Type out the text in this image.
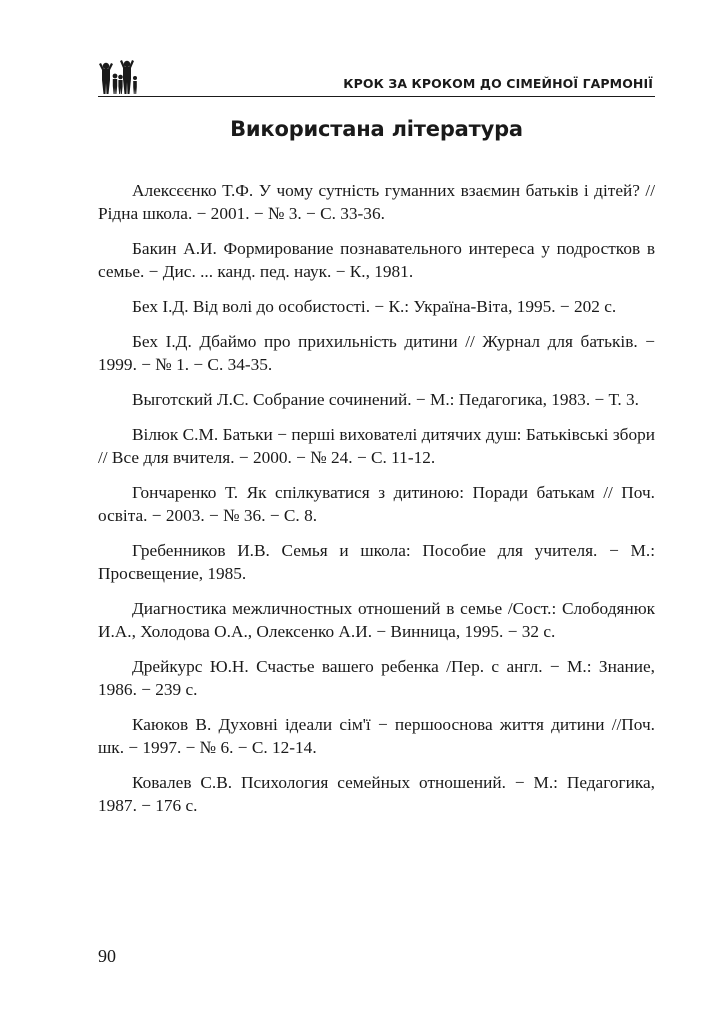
КРОК ЗА КРОКОМ ДО СІМЕЙНОЇ ГАРМОНІЇ
Використана література
Алексєєнко Т.Ф. У чому сутність гуманних взаємин батьків і дітей? // Рідна школа. − 2001. − № 3. − С. 33-36.
Бакин А.И. Формирование познавательного интереса у подростков в семье. − Дис. ... канд. пед. наук. − К., 1981.
Бех І.Д. Від волі до особистості. − К.: Україна-Віта, 1995. − 202 с.
Бех І.Д. Дбаймо про прихильність дитини // Журнал для батьків. − 1999. − № 1. − С. 34-35.
Выготский Л.С. Собрание сочинений. − М.: Педагогика, 1983. − Т. 3.
Вілюк С.М. Батьки − перші вихователі дитячих душ: Батьківські збори // Все для вчителя. − 2000. − № 24. − С. 11-12.
Гончаренко Т. Як спілкуватися з дитиною: Поради батькам // Поч. освіта. − 2003. − № 36. − С. 8.
Гребенников И.В. Семья и школа: Пособие для учителя. − М.: Просвещение, 1985.
Диагностика межличностных отношений в семье /Сост.: Слободянюк И.А., Холодова О.А., Олексенко А.И. − Винница, 1995. − 32 с.
Дрейкурс Ю.Н. Счастье вашего ребенка /Пер. с англ. − М.: Знание, 1986. − 239 с.
Каюков В. Духовні ідеали сім'ї − першооснова життя дитини //Поч. шк. − 1997. − № 6. − С. 12-14.
Ковалев С.В. Психология семейных отношений. − М.: Педагогика, 1987. − 176 с.
90
